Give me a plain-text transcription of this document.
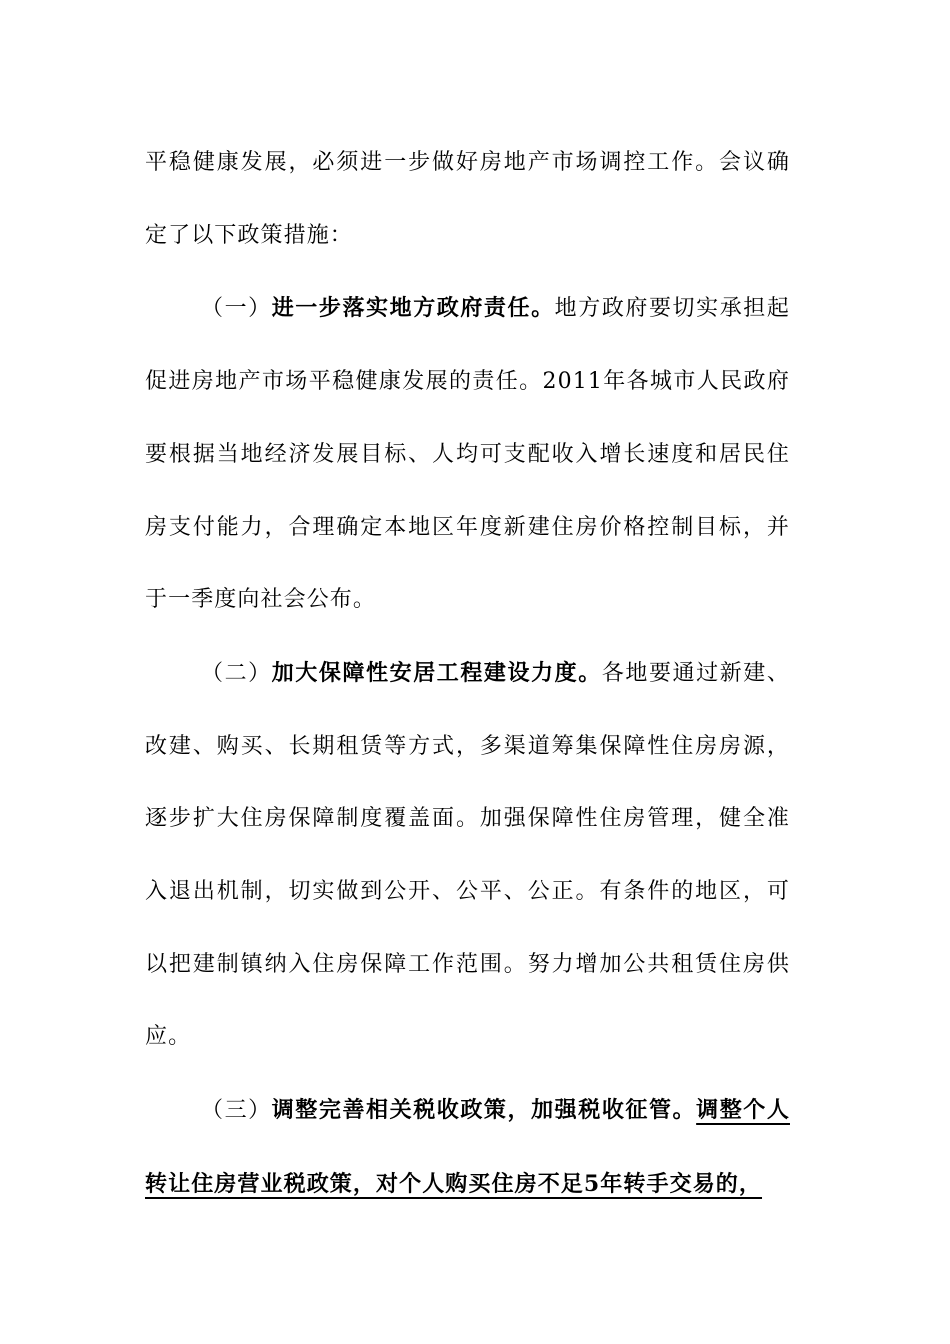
平稳健康发展，必须进一步做好房地产市场调控工作。会议确定了以下政策措施：

（一）进一步落实地方政府责任。地方政府要切实承担起促进房地产市场平稳健康发展的责任。2011年各城市人民政府要根据当地经济发展目标、人均可支配收入增长速度和居民住房支付能力，合理确定本地区年度新建住房价格控制目标，并于一季度向社会公布。

（二）加大保障性安居工程建设力度。各地要通过新建、改建、购买、长期租赁等方式，多渠道筹集保障性住房房源，逐步扩大住房保障制度覆盖面。加强保障性住房管理，健全准入退出机制，切实做到公开、公平、公正。有条件的地区，可以把建制镇纳入住房保障工作范围。努力增加公共租赁住房供应。

（三）调整完善相关税收政策，加强税收征管。调整个人转让住房营业税政策，对个人购买住房不足5年转手交易的，
